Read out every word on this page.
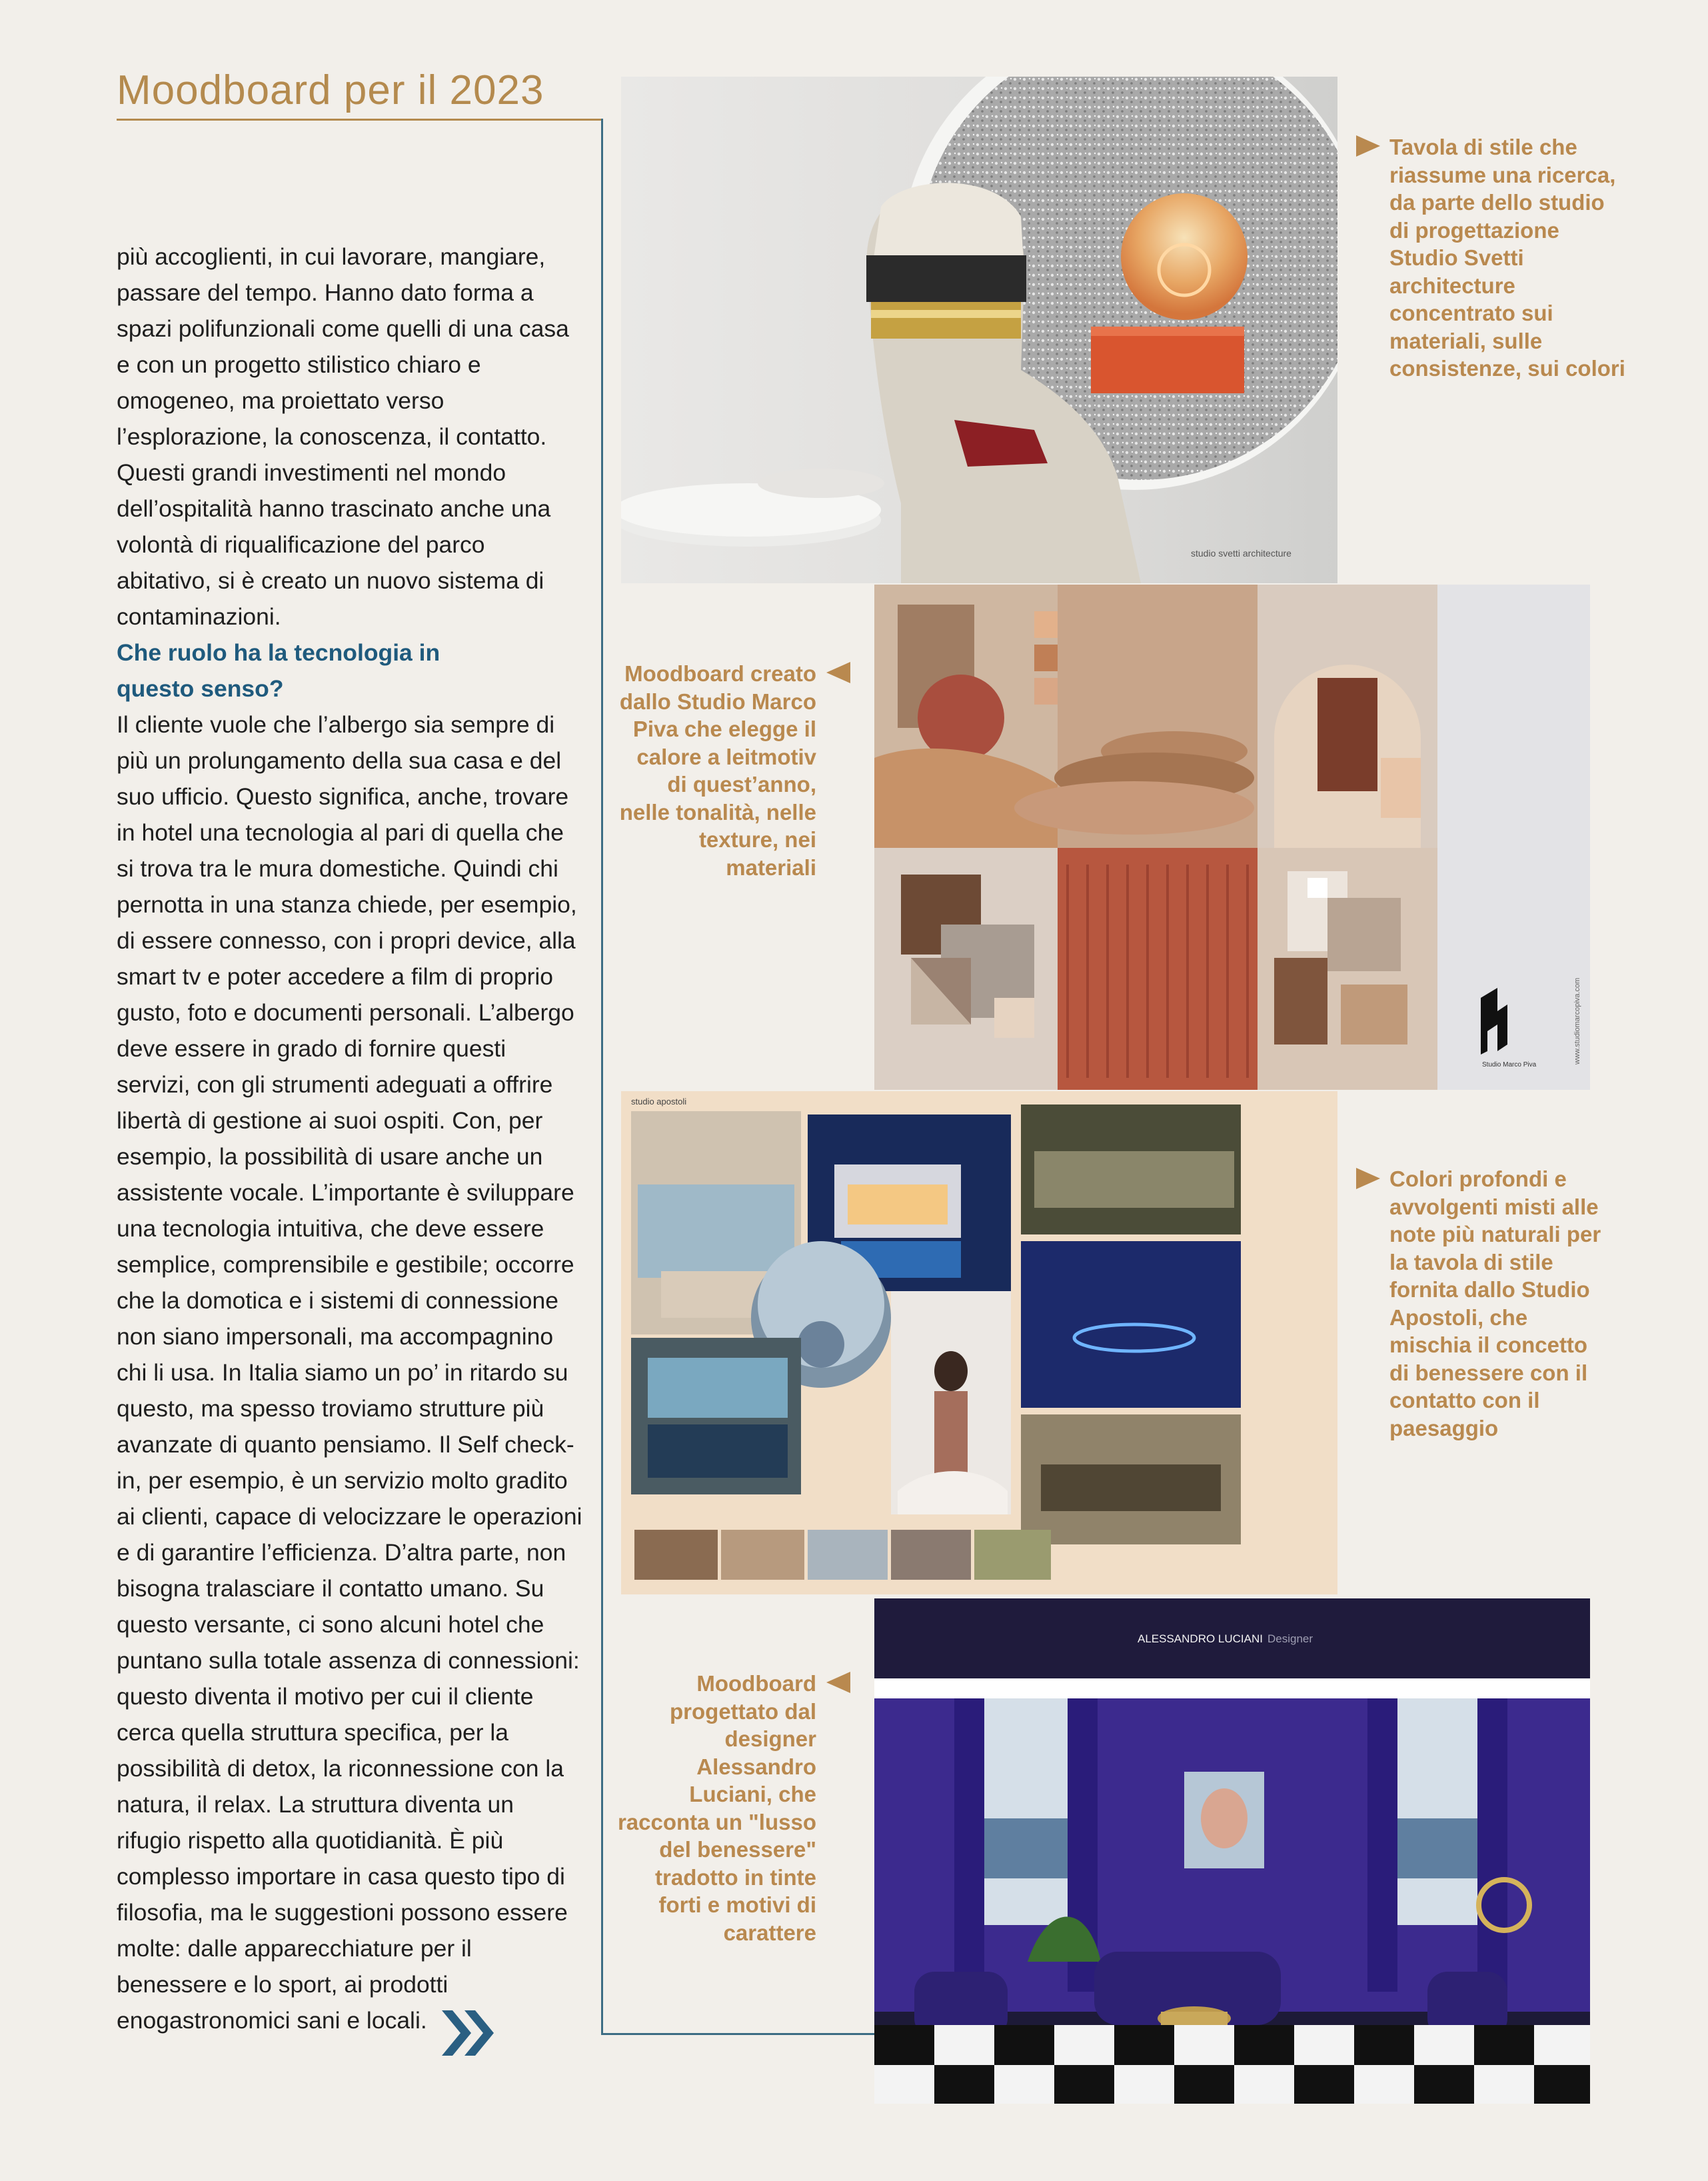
Moodboard per il 2023

più accoglienti, in cui lavorare, mangiare, passare del tempo. Hanno dato forma a spazi polifunzionali come quelli di una casa e con un progetto stilistico chiaro e omogeneo, ma proiettato verso l’esplorazione, la conoscenza, il contatto. Questi grandi investimenti nel mondo dell’ospitalità hanno trascinato anche una volontà di riqualificazione del parco abitativo, si è creato un nuovo sistema di contaminazioni.

Che ruolo ha la tecnologia in questo senso?

Il cliente vuole che l’albergo sia sempre di più un prolungamento della sua casa e del suo ufficio. Questo significa, anche, trovare in hotel una tecnologia al pari di quella che si trova tra le mura domestiche. Quindi chi pernotta in una stanza chiede, per esempio, di essere connesso, con i propri device, alla smart tv e poter accedere a film di proprio gusto, foto e documenti personali. L’albergo deve essere in grado di fornire questi servizi, con gli strumenti adeguati a offrire libertà di gestione ai suoi ospiti. Con, per esempio, la possibilità di usare anche un assistente vocale. L’importante è sviluppare una tecnologia intuitiva, che deve essere semplice, comprensibile e gestibile; occorre che la domotica e i sistemi di connessione non siano impersonali, ma accompagnino chi li usa. In Italia siamo un po’ in ritardo su questo, ma spesso troviamo strutture più avanzate di quanto pensiamo. Il Self check-in, per esempio, è un servizio molto gradito ai clienti, capace di velocizzare le operazioni e di garantire l’efficienza. D’altra parte, non bisogna tralasciare il contatto umano. Su questo versante, ci sono alcuni hotel che puntano sulla totale assenza di connessioni: questo diventa il motivo per cui il cliente cerca quella struttura specifica, per la possibilità di detox, la riconnessione con la natura, il relax. La struttura diventa un rifugio rispetto alla quotidianità. È più complesso importare in casa questo tipo di filosofia, ma le suggestioni possono essere molte: dalle apparecchiature per il benessere e lo sport, ai prodotti enogastronomici sani e locali.

studio svetti architecture
Tavola di stile che riassume una ricerca, da parte dello studio di progettazione Studio Svetti architecture concentrato sui materiali, sulle consistenze, sui colori
Moodboard creato dallo Studio Marco Piva che elegge il calore a leitmotiv di quest’anno, nelle tonalità, nelle texture, nei materiali
Studio Marco Piva
www.studiomarcopiva.com
studio apostoli
Colori profondi e avvolgenti misti alle note più naturali per la tavola di stile fornita dallo Studio Apostoli, che mischia il concetto di benessere con il contatto con il paesaggio
Moodboard progettato dal designer Alessandro Luciani, che racconta un "lusso del benessere" tradotto in tinte forti e motivi di carattere
ALESSANDRO LUCIANI Designer
